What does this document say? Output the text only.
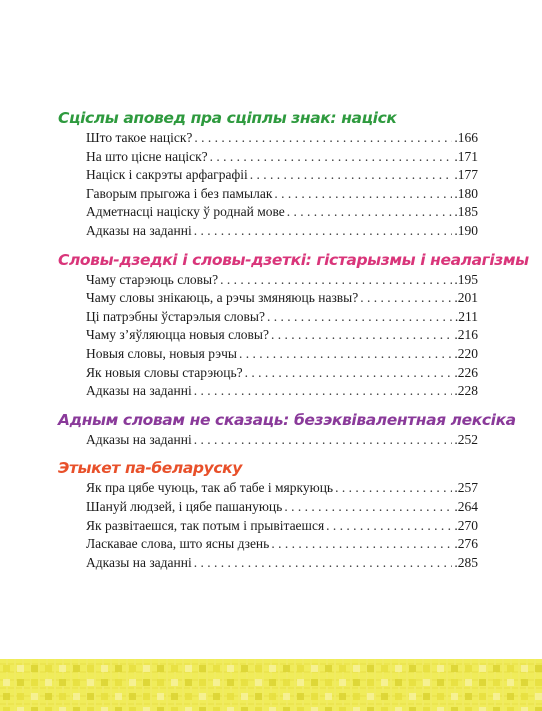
Сціслы аповед пра сціплы знак: націск
Што такое націск? . . .	.166
На што ціснe націск? . . .	.171
Націск і сакрэты арфаграфіі . . .	.177
Гаворым прыгожа і без памылак . . .	.180
Адметнасці націску ў роднай мове . . .	.185
Адказы на заданні . . .	.190
Словы-дзедкі і словы-дзеткі: гістарызмы і неалагізмы
Чаму старэюць словы? . . .	.195
Чаму словы знікаюць, а рэчы змяняюць назвы? . . .	.201
Ці патрэбны ўстарэлыя словы? . . .	.211
Чаму з’яўляюцца новыя словы? . . .	.216
Новыя словы, новыя рэчы . . .	.220
Як новыя словы старэюць? . . .	.226
Адказы на заданні . . .	.228
Адным словам не сказаць: безэквівалентная лексіка
Адказы на заданні . . .	.252
Этыкет па-беларуску
Як пра цябе чуюць, так аб табе і мяркуюць . . .	.257
Шануй людзей, і цябе пашануюць . . .	.264
Як развітаешся, так потым і прывітаешся . . .	.270
Ласкавае слова, што ясны дзень . . .	.276
Адказы на заданні . . .	.285
